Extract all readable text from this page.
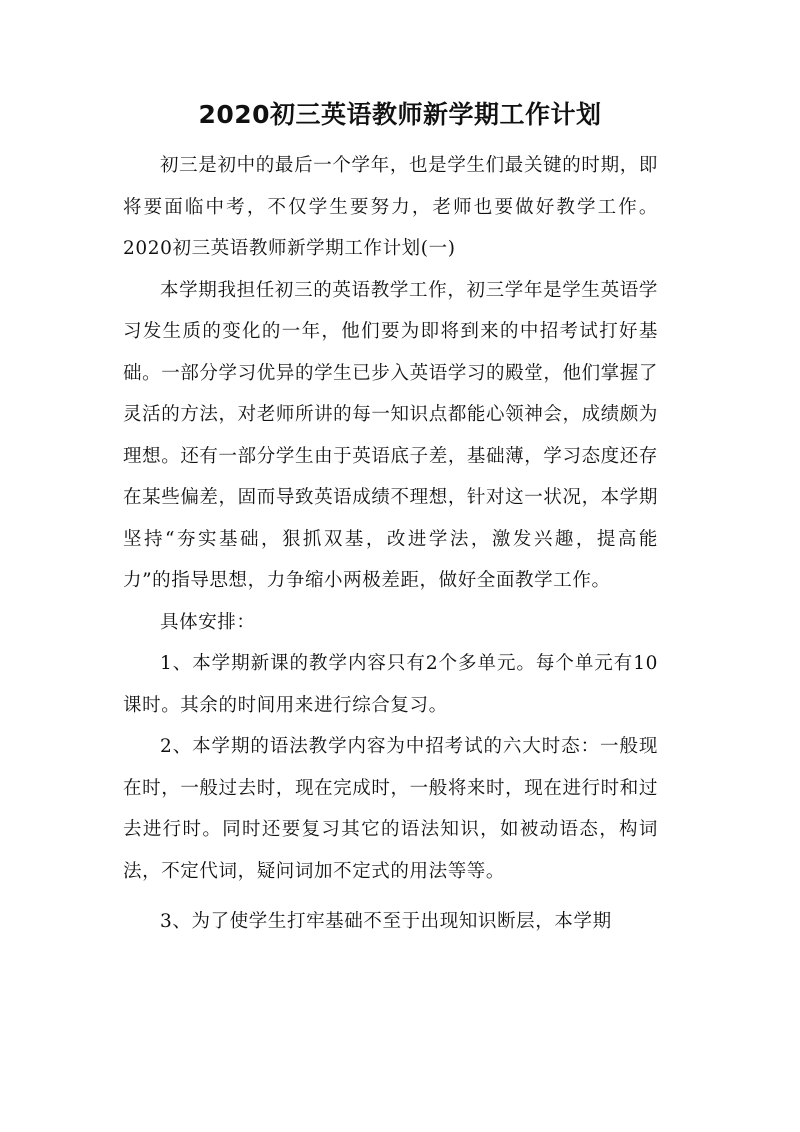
2020初三英语教师新学期工作计划

初三是初中的最后一个学年，也是学生们最关键的时期，即将要面临中考，不仅学生要努力，老师也要做好教学工作。2020初三英语教师新学期工作计划(一)

本学期我担任初三的英语教学工作，初三学年是学生英语学习发生质的变化的一年，他们要为即将到来的中招考试打好基础。一部分学习优异的学生已步入英语学习的殿堂，他们掌握了灵活的方法，对老师所讲的每一知识点都能心领神会，成绩颇为理想。还有一部分学生由于英语底子差，基础薄，学习态度还存在某些偏差，固而导致英语成绩不理想，针对这一状况，本学期坚持“夯实基础，狠抓双基，改进学法，激发兴趣，提高能力”的指导思想，力争缩小两极差距，做好全面教学工作。

具体安排：

1、本学期新课的教学内容只有2个多单元。每个单元有10课时。其余的时间用来进行综合复习。

2、本学期的语法教学内容为中招考试的六大时态：一般现在时，一般过去时，现在完成时，一般将来时，现在进行时和过去进行时。同时还要复习其它的语法知识，如被动语态，构词法，不定代词，疑问词加不定式的用法等等。

3、为了使学生打牢基础不至于出现知识断层，本学期
